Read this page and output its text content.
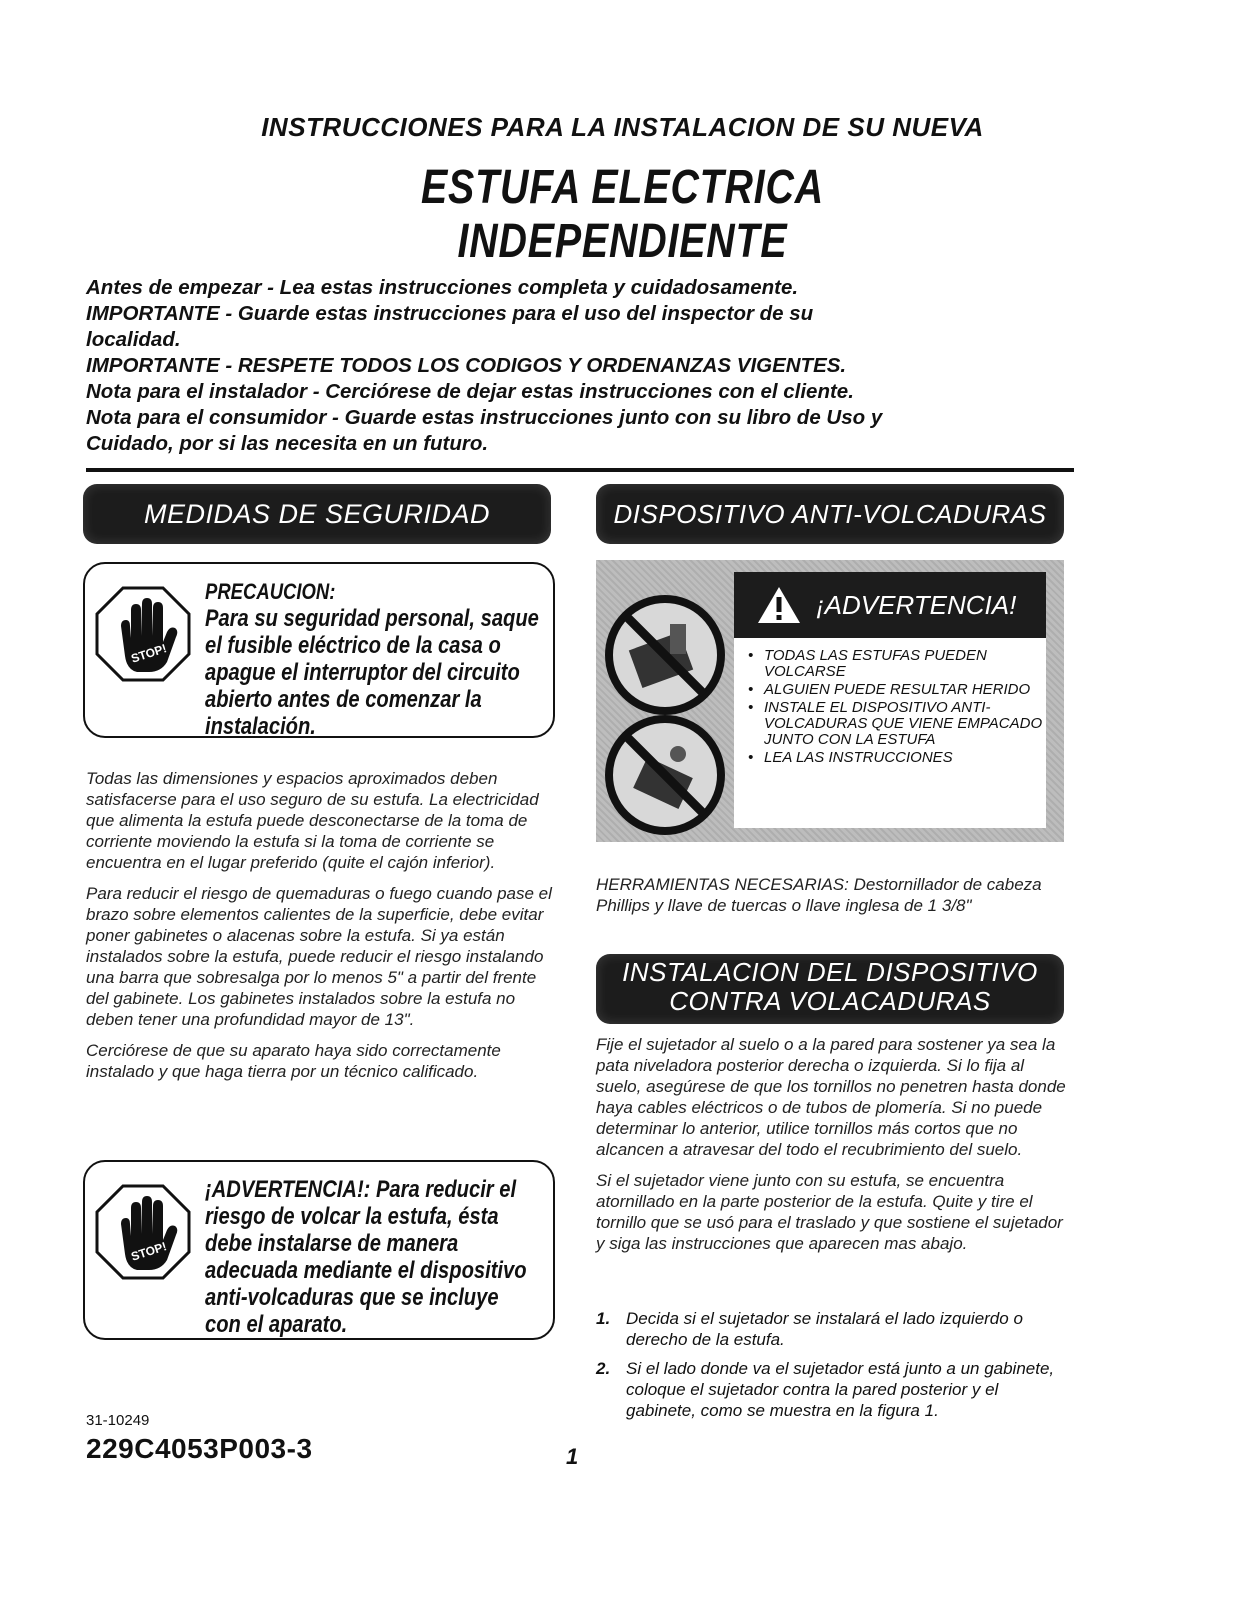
INSTRUCCIONES PARA LA INSTALACION DE SU NUEVA
ESTUFA ELECTRICA
INDEPENDIENTE
Antes de empezar - Lea estas instrucciones completa y cuidadosamente.
IMPORTANTE - Guarde estas instrucciones para el uso del inspector de su
localidad.
IMPORTANTE - RESPETE TODOS LOS CODIGOS Y ORDENANZAS VIGENTES.
Nota para el instalador - Cerciórese de dejar estas instrucciones con el cliente.
Nota para el consumidor - Guarde estas instrucciones junto con su libro de Uso y
Cuidado, por si las necesita en un futuro.
MEDIDAS DE SEGURIDAD
STOP!
PRECAUCION:
Para su seguridad personal, saque
el fusible eléctrico de la casa o
apague el interruptor del circuito
abierto antes de comenzar la
instalación.

Todas las dimensiones y espacios aproximados deben satisfacerse para el uso seguro de su estufa. La electricidad que alimenta la estufa puede desconectarse de la toma de corriente moviendo la estufa si la toma de corriente se encuentra en el lugar preferido (quite el cajón inferior).

Para reducir el riesgo de quemaduras o fuego cuando pase el brazo sobre elementos calientes de la superficie, debe evitar poner gabinetes o alacenas sobre la estufa. Si ya están instalados sobre la estufa, puede reducir el riesgo instalando una barra que sobresalga por lo menos 5" a partir del frente del gabinete. Los gabinetes instalados sobre la estufa no deben tener una profundidad mayor de 13".

Cerciórese de que su aparato haya sido correctamente instalado y que haga tierra por un técnico calificado.

STOP!
¡ADVERTENCIA!: Para reducir el
riesgo de volcar la estufa, ésta
debe instalarse de manera
adecuada mediante el dispositivo
anti-volcaduras que se incluye
con el aparato.
31-10249
229C4053P003-3	1
DISPOSITIVO ANTI-VOLCADURAS
¡ADVERTENCIA!
• TODAS LAS ESTUFAS PUEDEN VOLCARSE
• ALGUIEN PUEDE RESULTAR HERIDO
• INSTALE EL DISPOSITIVO ANTI-VOLCADURAS QUE VIENE EMPACADO JUNTO CON LA ESTUFA
• LEA LAS INSTRUCCIONES
HERRAMIENTAS NECESARIAS: Destornillador de cabeza Phillips y llave de tuercas o llave inglesa de 1 3/8"
INSTALACION DEL DISPOSITIVO
CONTRA VOLACADURAS

Fije el sujetador al suelo o a la pared para sostener ya sea la pata niveladora posterior derecha o izquierda. Si lo fija al suelo, asegúrese de que los tornillos no penetren hasta donde haya cables eléctricos o de tubos de plomería. Si no puede determinar lo anterior, utilice tornillos más cortos que no alcancen a atravesar del todo el recubrimiento del suelo.

Si el sujetador viene junto con su estufa, se encuentra atornillado en la parte posterior de la estufa. Quite y tire el tornillo que se usó para el traslado y que sostiene el sujetador y siga las instrucciones que aparecen mas abajo.

1. Decida si el sujetador se instalará el lado izquierdo o derecho de la estufa.
2. Si el lado donde va el sujetador está junto a un gabinete, coloque el sujetador contra la pared posterior y el gabinete, como se muestra en la figura 1.
